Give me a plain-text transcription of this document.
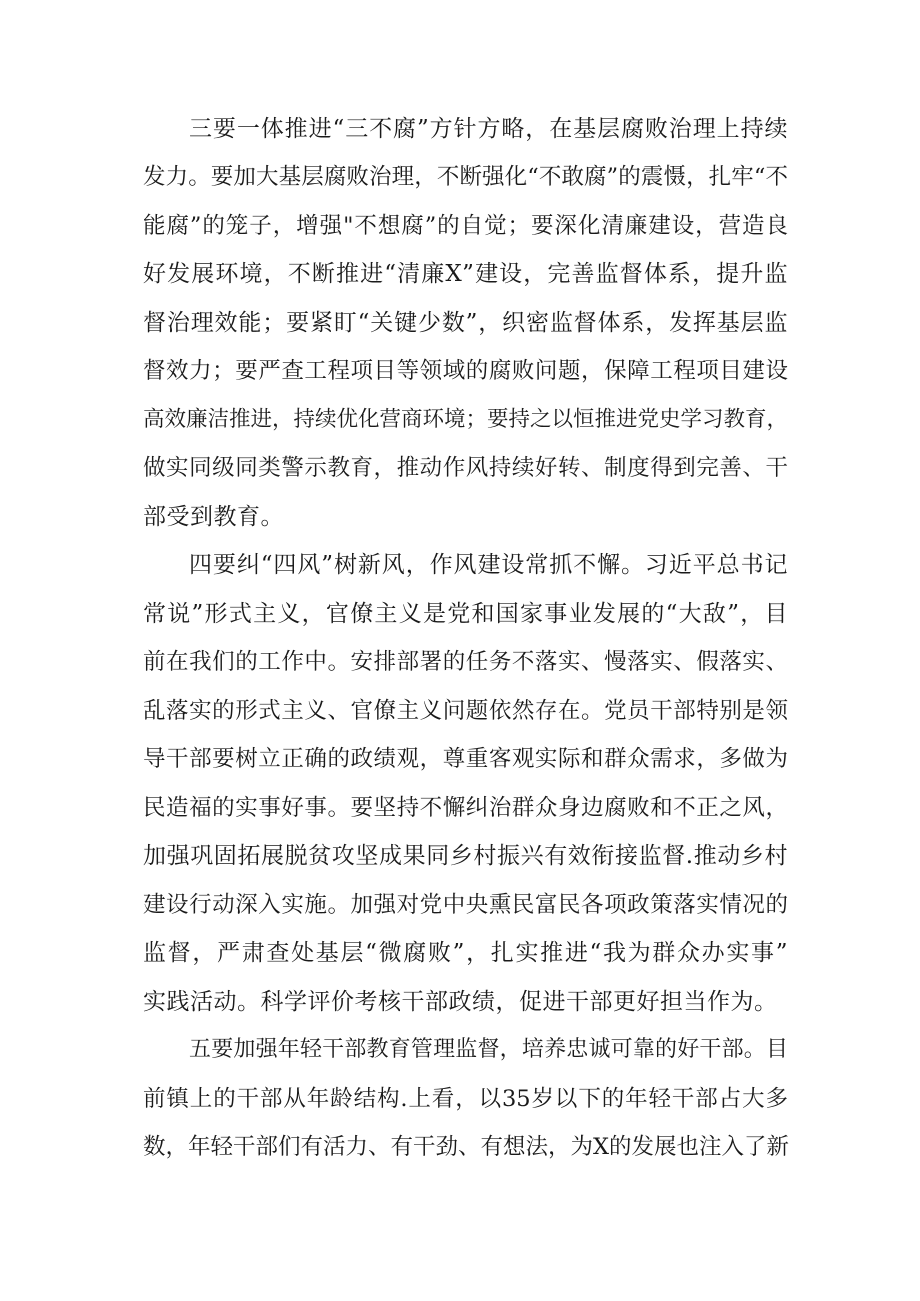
三要一体推进“三不腐”方针方略，在基层腐败治理上持续
发力。要加大基层腐败治理，不断强化“不敢腐”的震慑，扎牢“不
能腐”的笼子，增强"不想腐”的自觉；要深化清廉建设，营造良
好发展环境，不断推进“清廉X”建设，完善监督体系，提升监
督治理效能；要紧盯“关键少数”，织密监督体系，发挥基层监
督效力；要严查工程项目等领域的腐败问题，保障工程项目建设
高效廉洁推进，持续优化营商环境；要持之以恒推进党史学习教育，
做实同级同类警示教育，推动作风持续好转、制度得到完善、干
部受到教育。
四要纠“四风”树新风，作风建设常抓不懈。习近平总书记
常说”形式主义，官僚主义是党和国家事业发展的“大敌”，目
前在我们的工作中。安排部署的任务不落实、慢落实、假落实、
乱落实的形式主义、官僚主义问题依然存在。党员干部特别是领
导干部要树立正确的政绩观，尊重客观实际和群众需求，多做为
民造福的实事好事。要坚持不懈纠治群众身边腐败和不正之风，
加强巩固拓展脱贫攻坚成果同乡村振兴有效衔接监督.推动乡村
建设行动深入实施。加强对党中央熏民富民各项政策落实情况的
监督，严肃查处基层“微腐败”，扎实推进“我为群众办实事”
实践活动。科学评价考核干部政绩，促进干部更好担当作为。
五要加强年轻干部教育管理监督，培养忠诚可靠的好干部。目
前镇上的干部从年龄结构.上看，以35岁以下的年轻干部占大多
数，年轻干部们有活力、有干劲、有想法，为X的发展也注入了新
